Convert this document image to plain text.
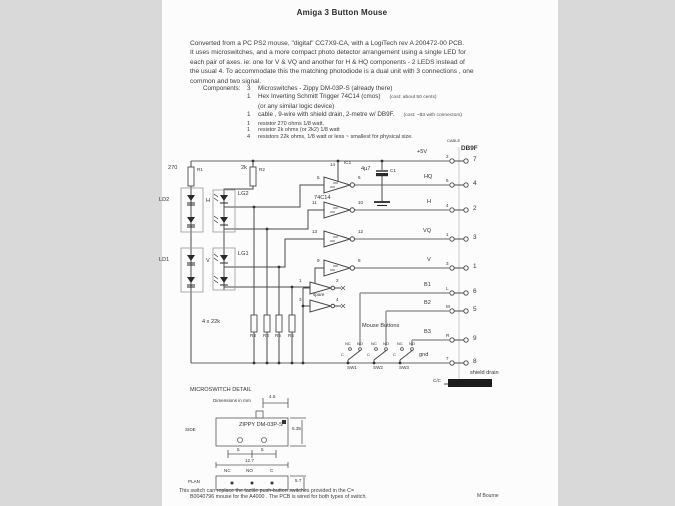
Amiga 3 Button Mouse
Converted from a PC PS2 mouse, "digital" CC7X9-CA, with a LogiTech rev A 200472-00 PCB.
It uses microswitches, and a more compact photo detector arrangement using a single LED for
each pair of axes. ie: one for V & VQ and another for H & HQ components - 2 LEDS instead of
the usual 4. To accommodate this the matching photodiode is a dual unit with 3 connections , one
common and two signal.
Components: 3	Microswitches - Zippy DM-03P-S (already there)
1	Hex Inverting Schmitt Trigger 74C14 (cmos) (cost: about 50 cents)
(or any similar logic device)
1	cable , 9-wire with shield drain, 2-metre w/ DB9F. (cost: ~$3 with connectors)
1	resistor 270 ohms 1/8 watt.
1	resistor 2k ohms (or 2k2) 1/8 watt
4	resistors 22k ohms, 1/8 watt or less ~ smallest for physical size.
270	R1	2k	R2
LD2	H
LG2
LD1	V
LG1
4 x 22k
R3 R4 R5 R6
14 IC1
74C14
5	6
11	10
13	12
9	8
1	2
spare
3	4
4µ7	C1
+5V
CABLE
DB9F
HQ
H
VQ
V
B1
B2
B3
gnd
2
6
4
1
3
L
M
R
7
7
4
2
3
1
6
5
9
8
Mouse Buttons
SW1	SW2	SW3
NC NO
C
NC NO
C
NC NO
C
shield drain
C/C
MICROSWITCH DETAIL
Dimensions in mm
4.5
ZIPPY DM-03P-S
SIDE	6.35
5	5
12.7
NC	NO	C
PLAN	5.7
This switch can replace the tactile push-button switches provided in the C=
B0040796 mouse for the A4000 . The PCB is wired for both types of switch.	M Bourne
